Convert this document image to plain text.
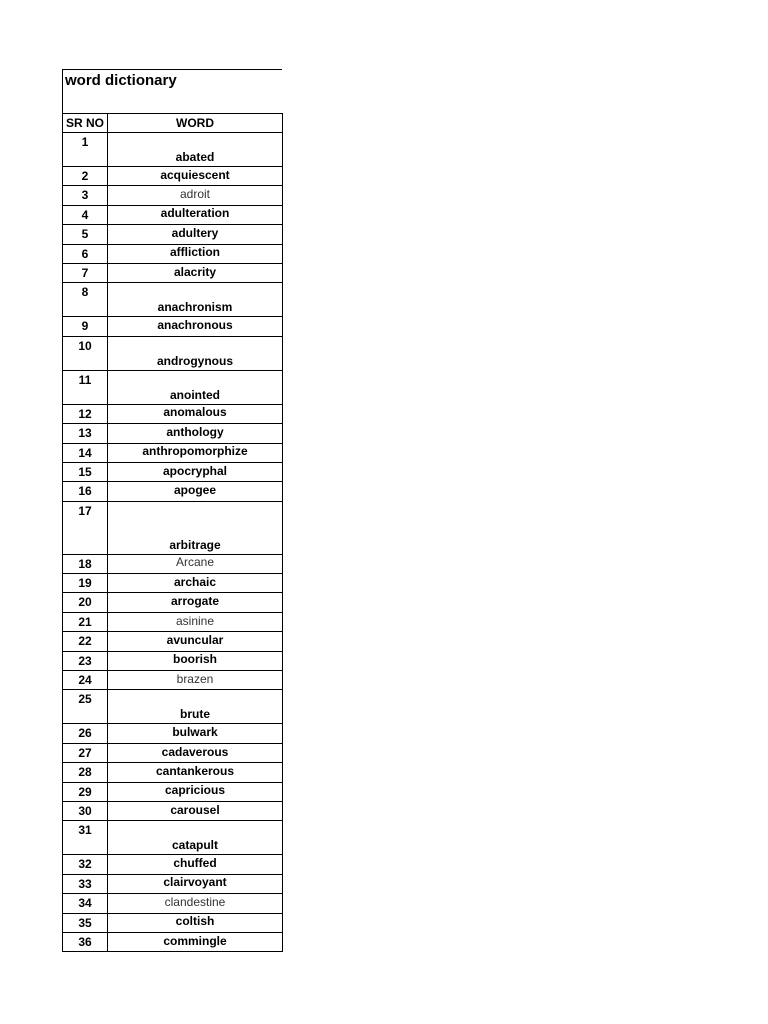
word dictionary
SR NO	WORD
1	abated
2	acquiescent
3	adroit
4	adulteration
5	adultery
6	affliction
7	alacrity
8	anachronism
9	anachronous
10	androgynous
11	anointed
12	anomalous
13	anthology
14	anthropomorphize
15	apocryphal
16	apogee
17	arbitrage
18	Arcane
19	archaic
20	arrogate
21	asinine
22	avuncular
23	boorish
24	brazen
25	brute
26	bulwark
27	cadaverous
28	cantankerous
29	capricious
30	carousel
31	catapult
32	chuffed
33	clairvoyant
34	clandestine
35	coltish
36	commingle
